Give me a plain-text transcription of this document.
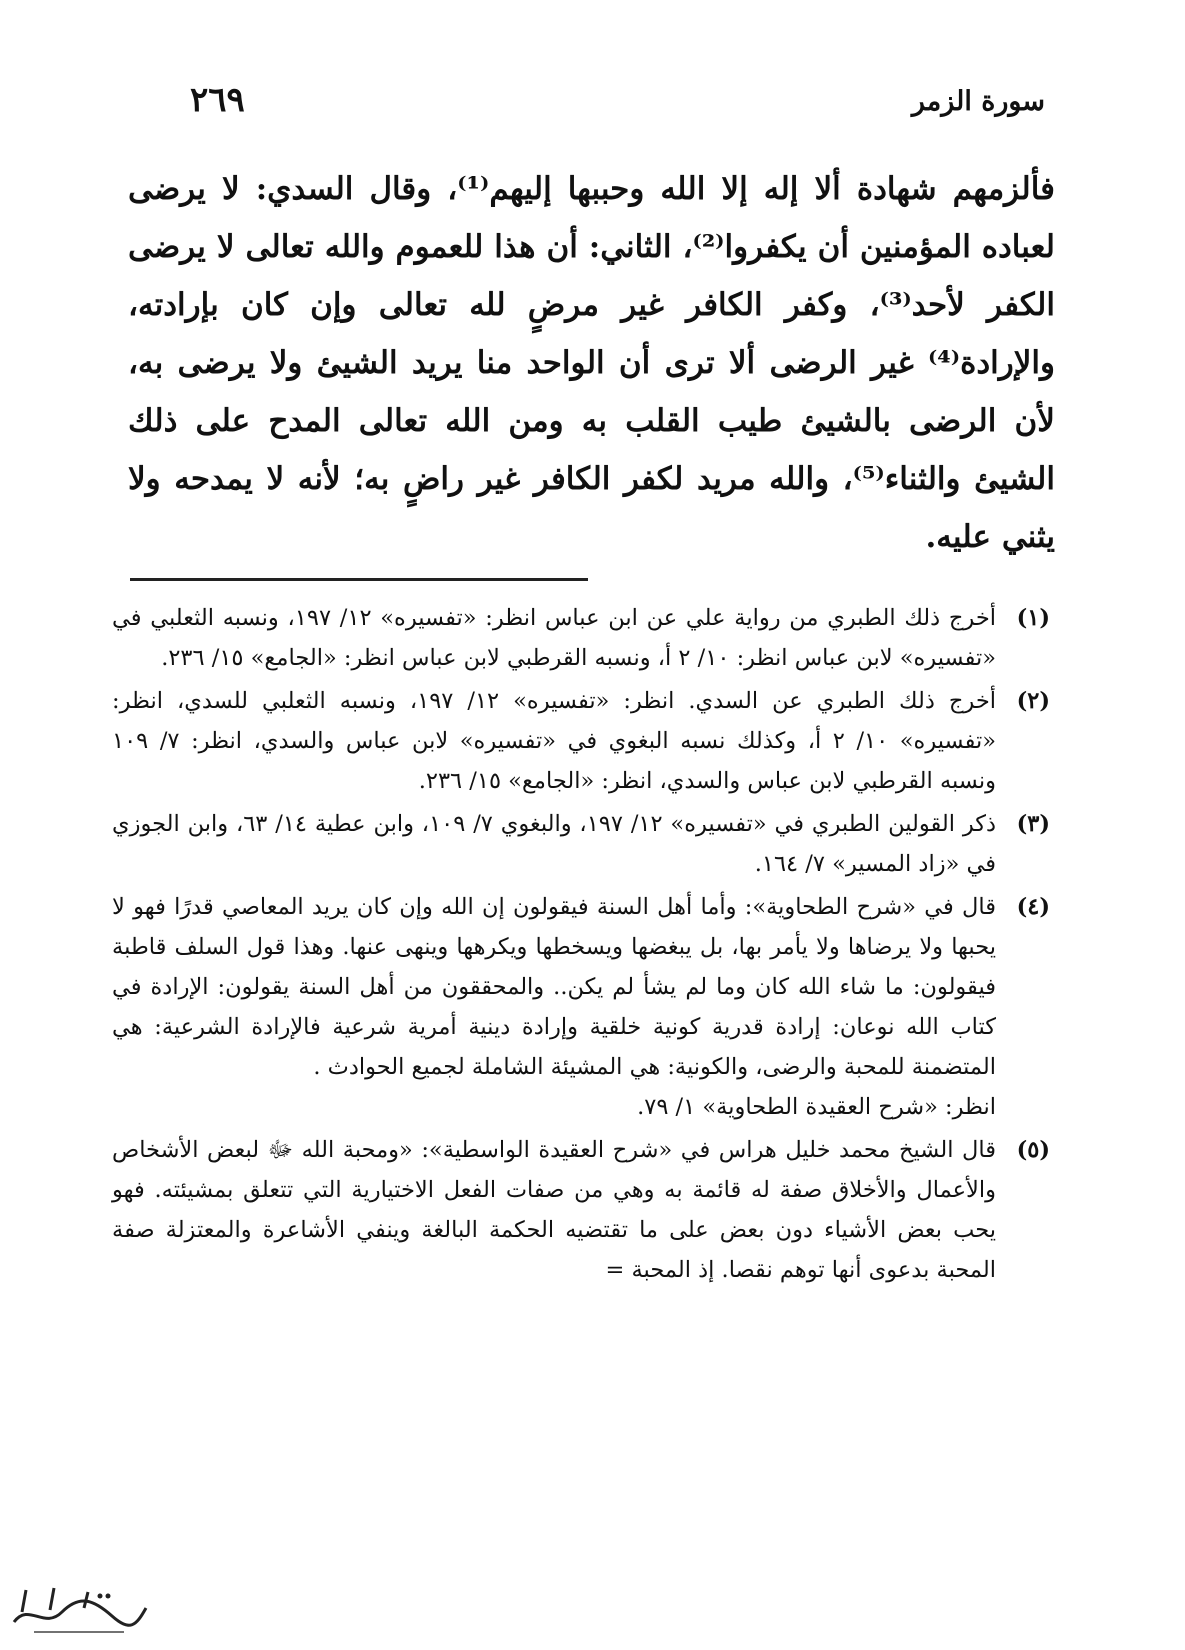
سورة الزمر
٢٦٩

فألزمهم شهادة ألا إله إلا الله وحببها إليهم⁽¹⁾، وقال السدي: لا يرضى لعباده المؤمنين أن يكفروا⁽²⁾، الثاني: أن هذا للعموم والله تعالى لا يرضى الكفر لأحد⁽³⁾، وكفر الكافر غير مرضٍ لله تعالى وإن كان بإرادته، والإرادة⁽⁴⁾ غير الرضى ألا ترى أن الواحد منا يريد الشيئ ولا يرضى به، لأن الرضى بالشيئ طيب القلب به ومن الله تعالى المدح على ذلك الشيئ والثناء⁽⁵⁾، والله مريد لكفر الكافر غير راضٍ به؛ لأنه لا يمدحه ولا يثني عليه.

(١)

أخرج ذلك الطبري من رواية علي عن ابن عباس انظر: «تفسيره» ١٢/ ١٩٧، ونسبه الثعلبي في «تفسيره» لابن عباس انظر: ١٠/ ٢ أ، ونسبه القرطبي لابن عباس انظر: «الجامع» ١٥/ ٢٣٦.

(٢)

أخرج ذلك الطبري عن السدي. انظر: «تفسيره» ١٢/ ١٩٧، ونسبه الثعلبي للسدي، انظر: «تفسيره» ١٠/ ٢ أ، وكذلك نسبه البغوي في «تفسيره» لابن عباس والسدي، انظر: ٧/ ١٠٩ ونسبه القرطبي لابن عباس والسدي، انظر: «الجامع» ١٥/ ٢٣٦.

(٣)

ذكر القولين الطبري في «تفسيره» ١٢/ ١٩٧، والبغوي ٧/ ١٠٩، وابن عطية ١٤/ ٦٣، وابن الجوزي في «زاد المسير» ٧/ ١٦٤.

(٤)

قال في «شرح الطحاوية»: وأما أهل السنة فيقولون إن الله وإن كان يريد المعاصي قدرًا فهو لا يحبها ولا يرضاها ولا يأمر بها، بل يبغضها ويسخطها ويكرهها وينهى عنها. وهذا قول السلف قاطبة فيقولون: ما شاء الله كان وما لم يشأ لم يكن.. والمحققون من أهل السنة يقولون: الإرادة في كتاب الله نوعان: إرادة قدرية كونية خلقية وإرادة دينية أمرية شرعية فالإرادة الشرعية: هي المتضمنة للمحبة والرضى، والكونية: هي المشيئة الشاملة لجميع الحوادث .

انظر: «شرح العقيدة الطحاوية» ١/ ٧٩.

(٥)

قال الشيخ محمد خليل هراس في «شرح العقيدة الواسطية»: «ومحبة الله ﷻ لبعض الأشخاص والأعمال والأخلاق صفة له قائمة به وهي من صفات الفعل الاختيارية التي تتعلق بمشيئته. فهو يحب بعض الأشياء دون بعض على ما تقتضيه الحكمة البالغة وينفي الأشاعرة والمعتزلة صفة المحبة بدعوى أنها توهم نقصا. إذ المحبة =
